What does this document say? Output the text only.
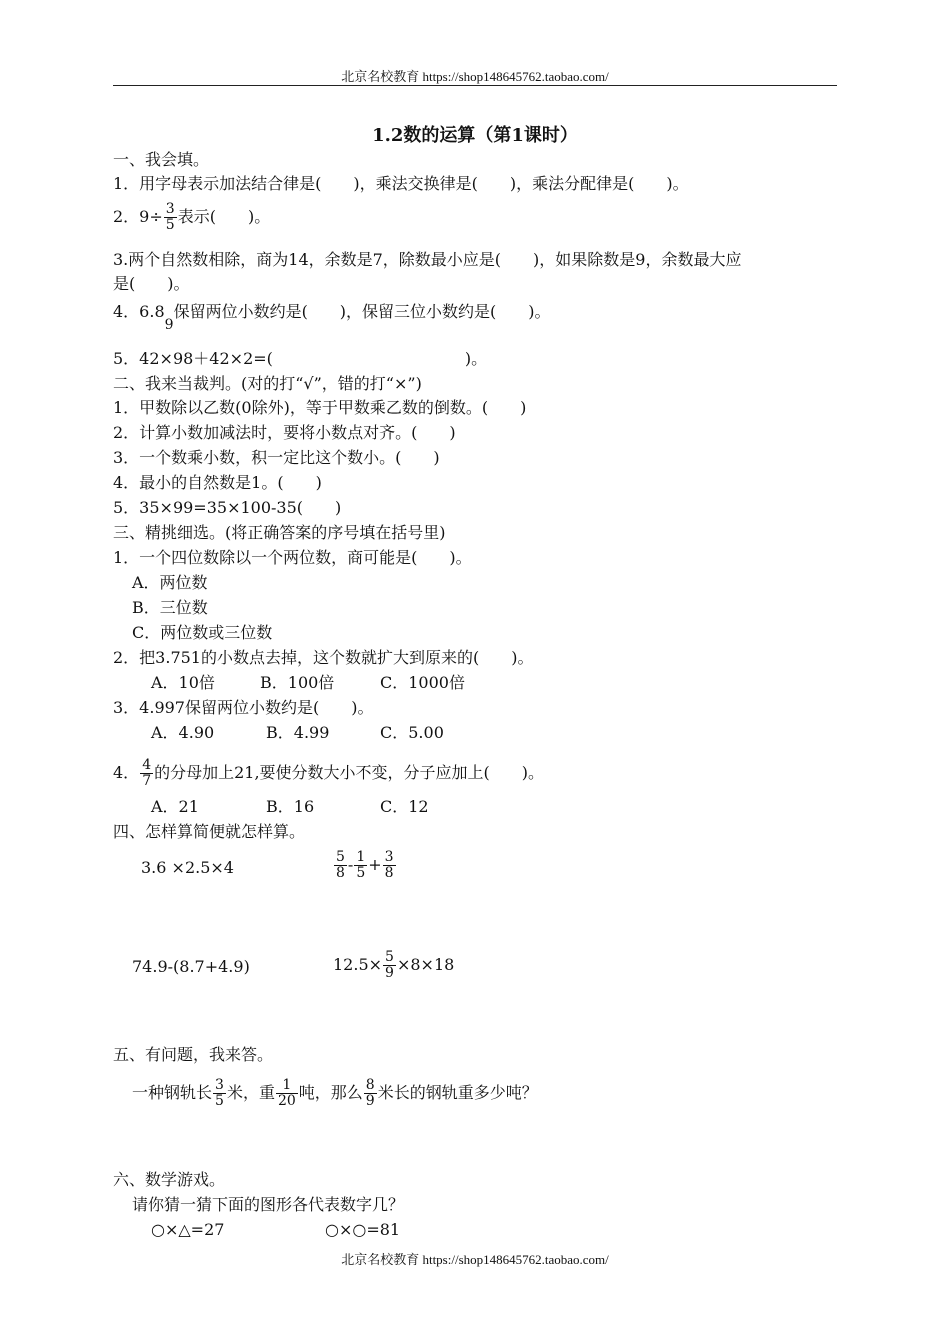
北京名校教育 https://shop148645762.taobao.com/
1.2数的运算（第1课时）
一、我会填。
1．用字母表示加法结合律是(　　)，乘法交换律是(　　)，乘法分配律是(　　)。
2．$9\div \frac{3}{5}$ 表示(　　)。
3.两个自然数相除，商为14，余数是7，除数最小应是(　　)，如果除数是9，余数最大应
是(　　)。
4．6.89保留两位小数约是(　　)，保留三位小数约是(　　)。
5．42×98＋42×2=(　　　　　　　　　　　　)。
二、我来当裁判。(对的打“√”，错的打“×”)
1．甲数除以乙数(0除外)，等于甲数乘乙数的倒数。(　　)
2．计算小数加减法时，要将小数点对齐。(　　)
3．一个数乘小数，积一定比这个数小。(　　)
4．最小的自然数是1。(　　)
5．35×99=35×100-35(　　)
三、精挑细选。(将正确答案的序号填在括号里)
1．一个四位数除以一个两位数，商可能是(　　)。
A．两位数
B．三位数
C．两位数或三位数
2．把3.751的小数点去掉，这个数就扩大到原来的(　　)。
A．10倍	B．100倍	C．1000倍
3．4.997保留两位小数约是(　　)。
A．4.90	B．4.99	C．5.00
4． $\frac{4}{7}$ 的分母加上21,要使分数大小不变，分子应加上(　　)。
A．21	B．16	C．12
四、怎样算简便就怎样算。
3.6 ×2.5×4	$\frac{5}{8} - \frac{1}{5} + \frac{3}{8}$
74.9-(8.7+4.9)	$12.5\times \frac{5}{9} \times 8\times 18$
五、有问题，我来答。
一种钢轨长 $\frac{3}{5}$ 米，重 $\frac{1}{20}$ 吨，那么 $\frac{8}{9}$ 米长的钢轨重多少吨？
六、数学游戏。
请你猜一猜下面的图形各代表数字几？
○×△=27	○×○=81
北京名校教育 https://shop148645762.taobao.com/
